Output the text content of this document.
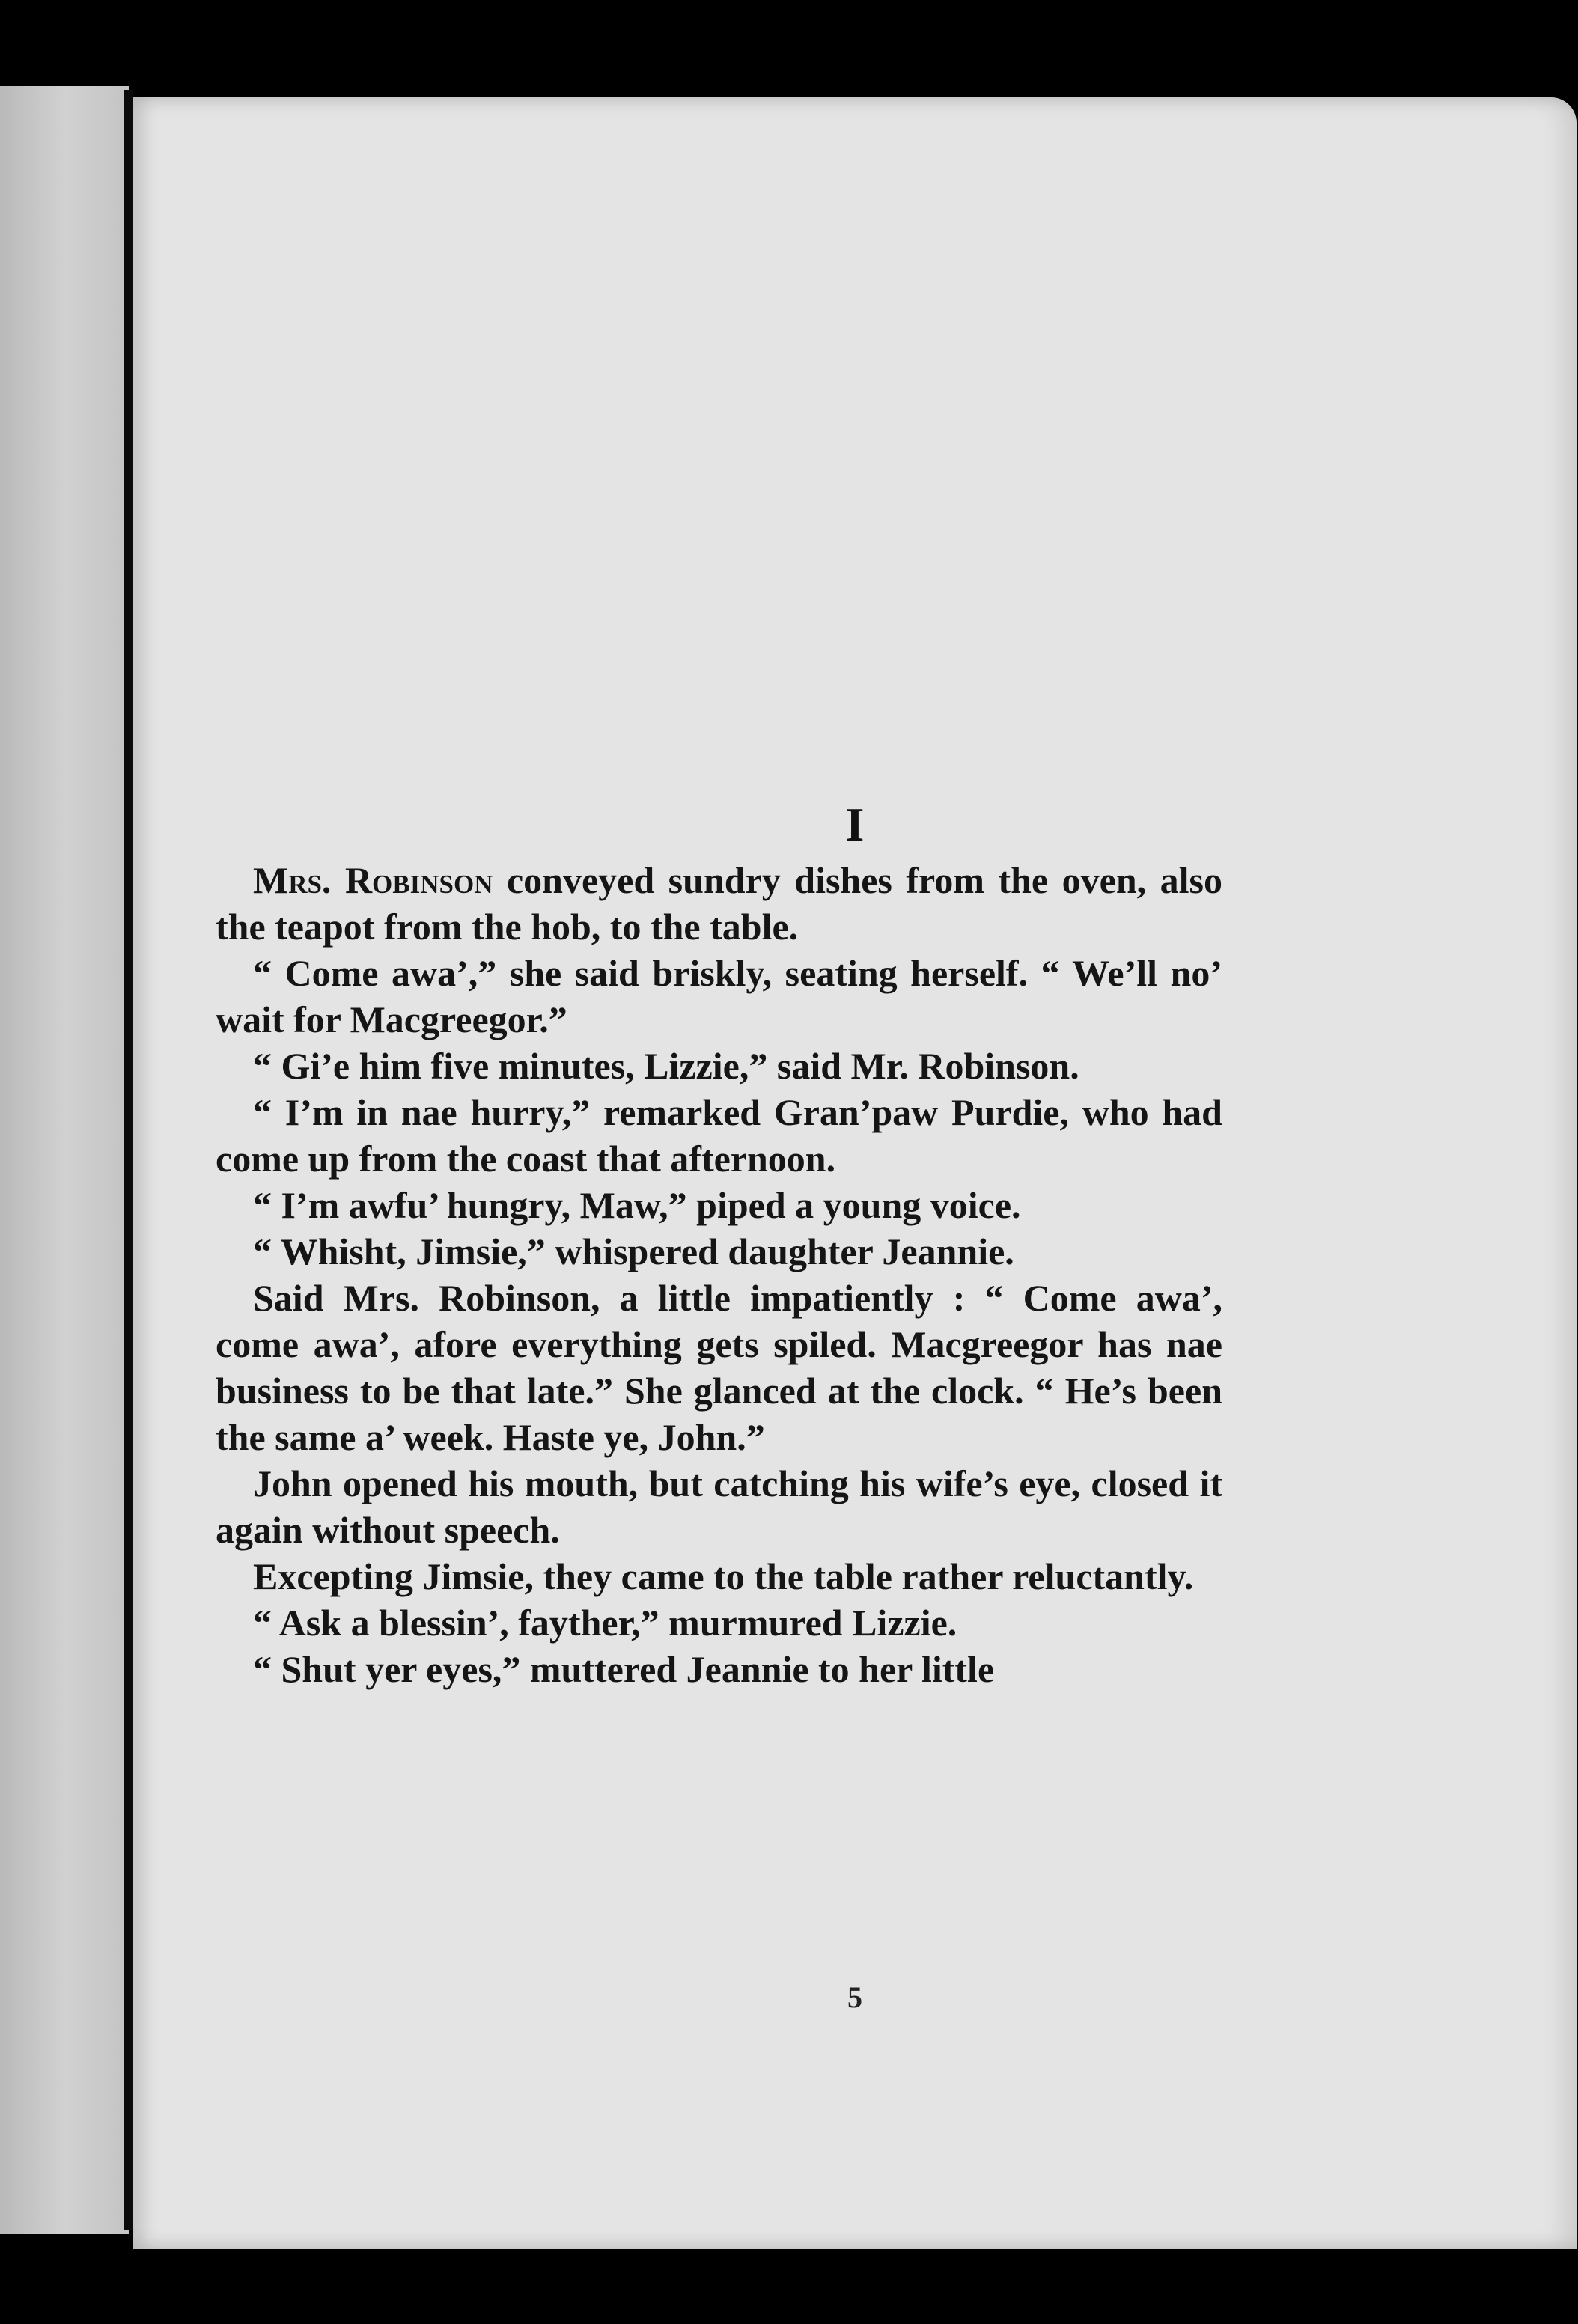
I

Mrs. Robinson conveyed sundry dishes from the oven, also the teapot from the hob, to the table.

“ Come awa’,” she said briskly, seating herself. “ We’ll no’ wait for Macgreegor.”

“ Gi’e him five minutes, Lizzie,” said Mr. Robinson.

“ I’m in nae hurry,” remarked Gran’paw Purdie, who had come up from the coast that afternoon.

“ I’m awfu’ hungry, Maw,” piped a young voice.

“ Whisht, Jimsie,” whispered daughter Jeannie.

Said Mrs. Robinson, a little impatiently : “ Come awa’, come awa’, afore everything gets spiled. Macgreegor has nae business to be that late.” She glanced at the clock. “ He’s been the same a’ week. Haste ye, John.”

John opened his mouth, but catching his wife’s eye, closed it again without speech.

Excepting Jimsie, they came to the table rather reluctantly.

“ Ask a blessin’, fayther,” murmured Lizzie.

“ Shut yer eyes,” muttered Jeannie to her little

5
